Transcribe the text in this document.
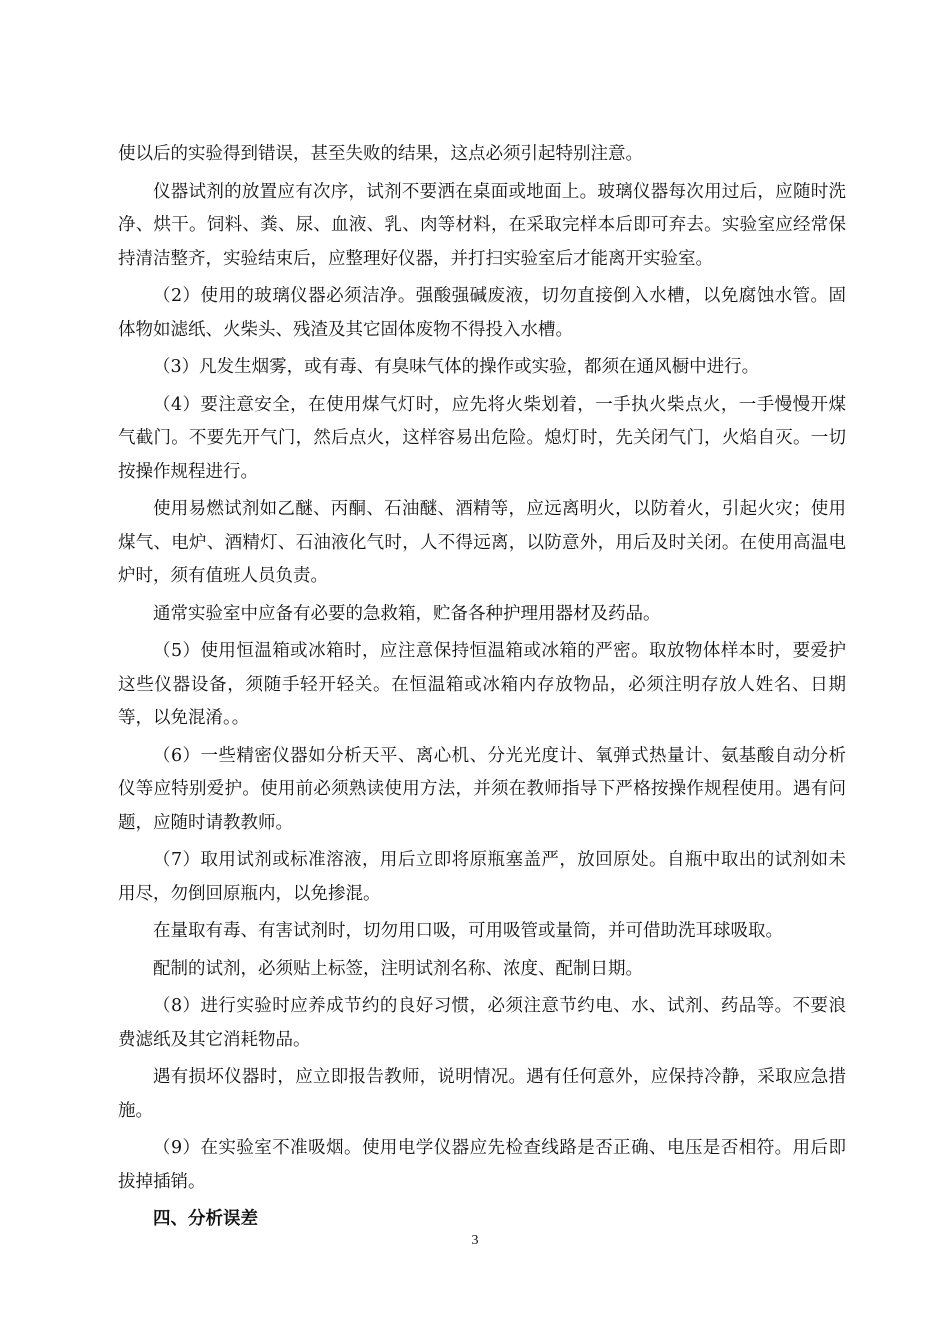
使以后的实验得到错误，甚至失败的结果，这点必须引起特别注意。

仪器试剂的放置应有次序，试剂不要洒在桌面或地面上。玻璃仪器每次用过后，应随时洗净、烘干。饲料、粪、尿、血液、乳、肉等材料，在采取完样本后即可弃去。实验室应经常保持清洁整齐，实验结束后，应整理好仪器，并打扫实验室后才能离开实验室。

（2）使用的玻璃仪器必须洁净。强酸强碱废液，切勿直接倒入水槽，以免腐蚀水管。固体物如滤纸、火柴头、残渣及其它固体废物不得投入水槽。

（3）凡发生烟雾，或有毒、有臭味气体的操作或实验，都须在通风橱中进行。

（4）要注意安全，在使用煤气灯时，应先将火柴划着，一手执火柴点火，一手慢慢开煤气截门。不要先开气门，然后点火，这样容易出危险。熄灯时，先关闭气门，火焰自灭。一切按操作规程进行。

使用易燃试剂如乙醚、丙酮、石油醚、酒精等，应远离明火，以防着火，引起火灾；使用煤气、电炉、酒精灯、石油液化气时，人不得远离，以防意外，用后及时关闭。在使用高温电炉时，须有值班人员负责。

通常实验室中应备有必要的急救箱，贮备各种护理用器材及药品。

（5）使用恒温箱或冰箱时，应注意保持恒温箱或冰箱的严密。取放物体样本时，要爱护这些仪器设备，须随手轻开轻关。在恒温箱或冰箱内存放物品，必须注明存放人姓名、日期等，以免混淆。。

（6）一些精密仪器如分析天平、离心机、分光光度计、氧弹式热量计、氨基酸自动分析仪等应特别爱护。使用前必须熟读使用方法，并须在教师指导下严格按操作规程使用。遇有问题，应随时请教教师。

（7）取用试剂或标准溶液，用后立即将原瓶塞盖严，放回原处。自瓶中取出的试剂如未用尽，勿倒回原瓶内，以免掺混。

在量取有毒、有害试剂时，切勿用口吸，可用吸管或量筒，并可借助洗耳球吸取。

配制的试剂，必须贴上标签，注明试剂名称、浓度、配制日期。

（8）进行实验时应养成节约的良好习惯，必须注意节约电、水、试剂、药品等。不要浪费滤纸及其它消耗物品。

遇有损坏仪器时，应立即报告教师，说明情况。遇有任何意外，应保持冷静，采取应急措施。

（9）在实验室不准吸烟。使用电学仪器应先检查线路是否正确、电压是否相符。用后即拔掉插销。

四、分析误差

3
